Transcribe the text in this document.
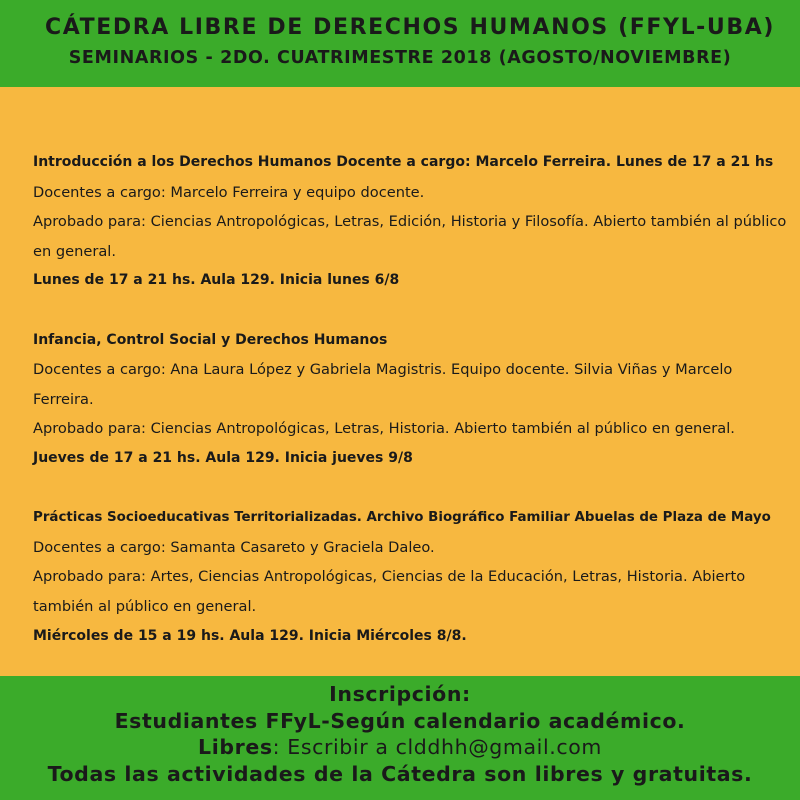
CÁTEDRA LIBRE DE DERECHOS HUMANOS (FFYL-UBA)
SEMINARIOS - 2DO. CUATRIMESTRE 2018 (AGOSTO/NOVIEMBRE)
Introducción a los Derechos Humanos Docente a cargo: Marcelo Ferreira. Lunes de 17 a 21 hs
Docentes a cargo: Marcelo Ferreira y equipo docente.
Aprobado para: Ciencias Antropológicas, Letras, Edición, Historia y Filosofía. Abierto también al público en general.
Lunes de 17 a 21 hs. Aula 129. Inicia lunes 6/8
Infancia, Control Social y Derechos Humanos
Docentes a cargo: Ana Laura López y Gabriela Magistris. Equipo docente. Silvia Viñas y Marcelo Ferreira.
Aprobado para: Ciencias Antropológicas, Letras, Historia. Abierto también al público en general.
Jueves de 17 a 21 hs. Aula 129. Inicia jueves 9/8
Prácticas Socioeducativas Territorializadas. Archivo Biográfico Familiar Abuelas de Plaza de Mayo
Docentes a cargo: Samanta Casareto y Graciela Daleo.
Aprobado para: Artes, Ciencias Antropológicas, Ciencias de la Educación, Letras, Historia. Abierto también al público en general.
Miércoles de 15 a 19 hs. Aula 129. Inicia Miércoles 8/8.
Inscripción:
Estudiantes FFyL-Según calendario académico.
Libres: Escribir a clddhh@gmail.com
Todas las actividades de la Cátedra son libres y gratuitas.
